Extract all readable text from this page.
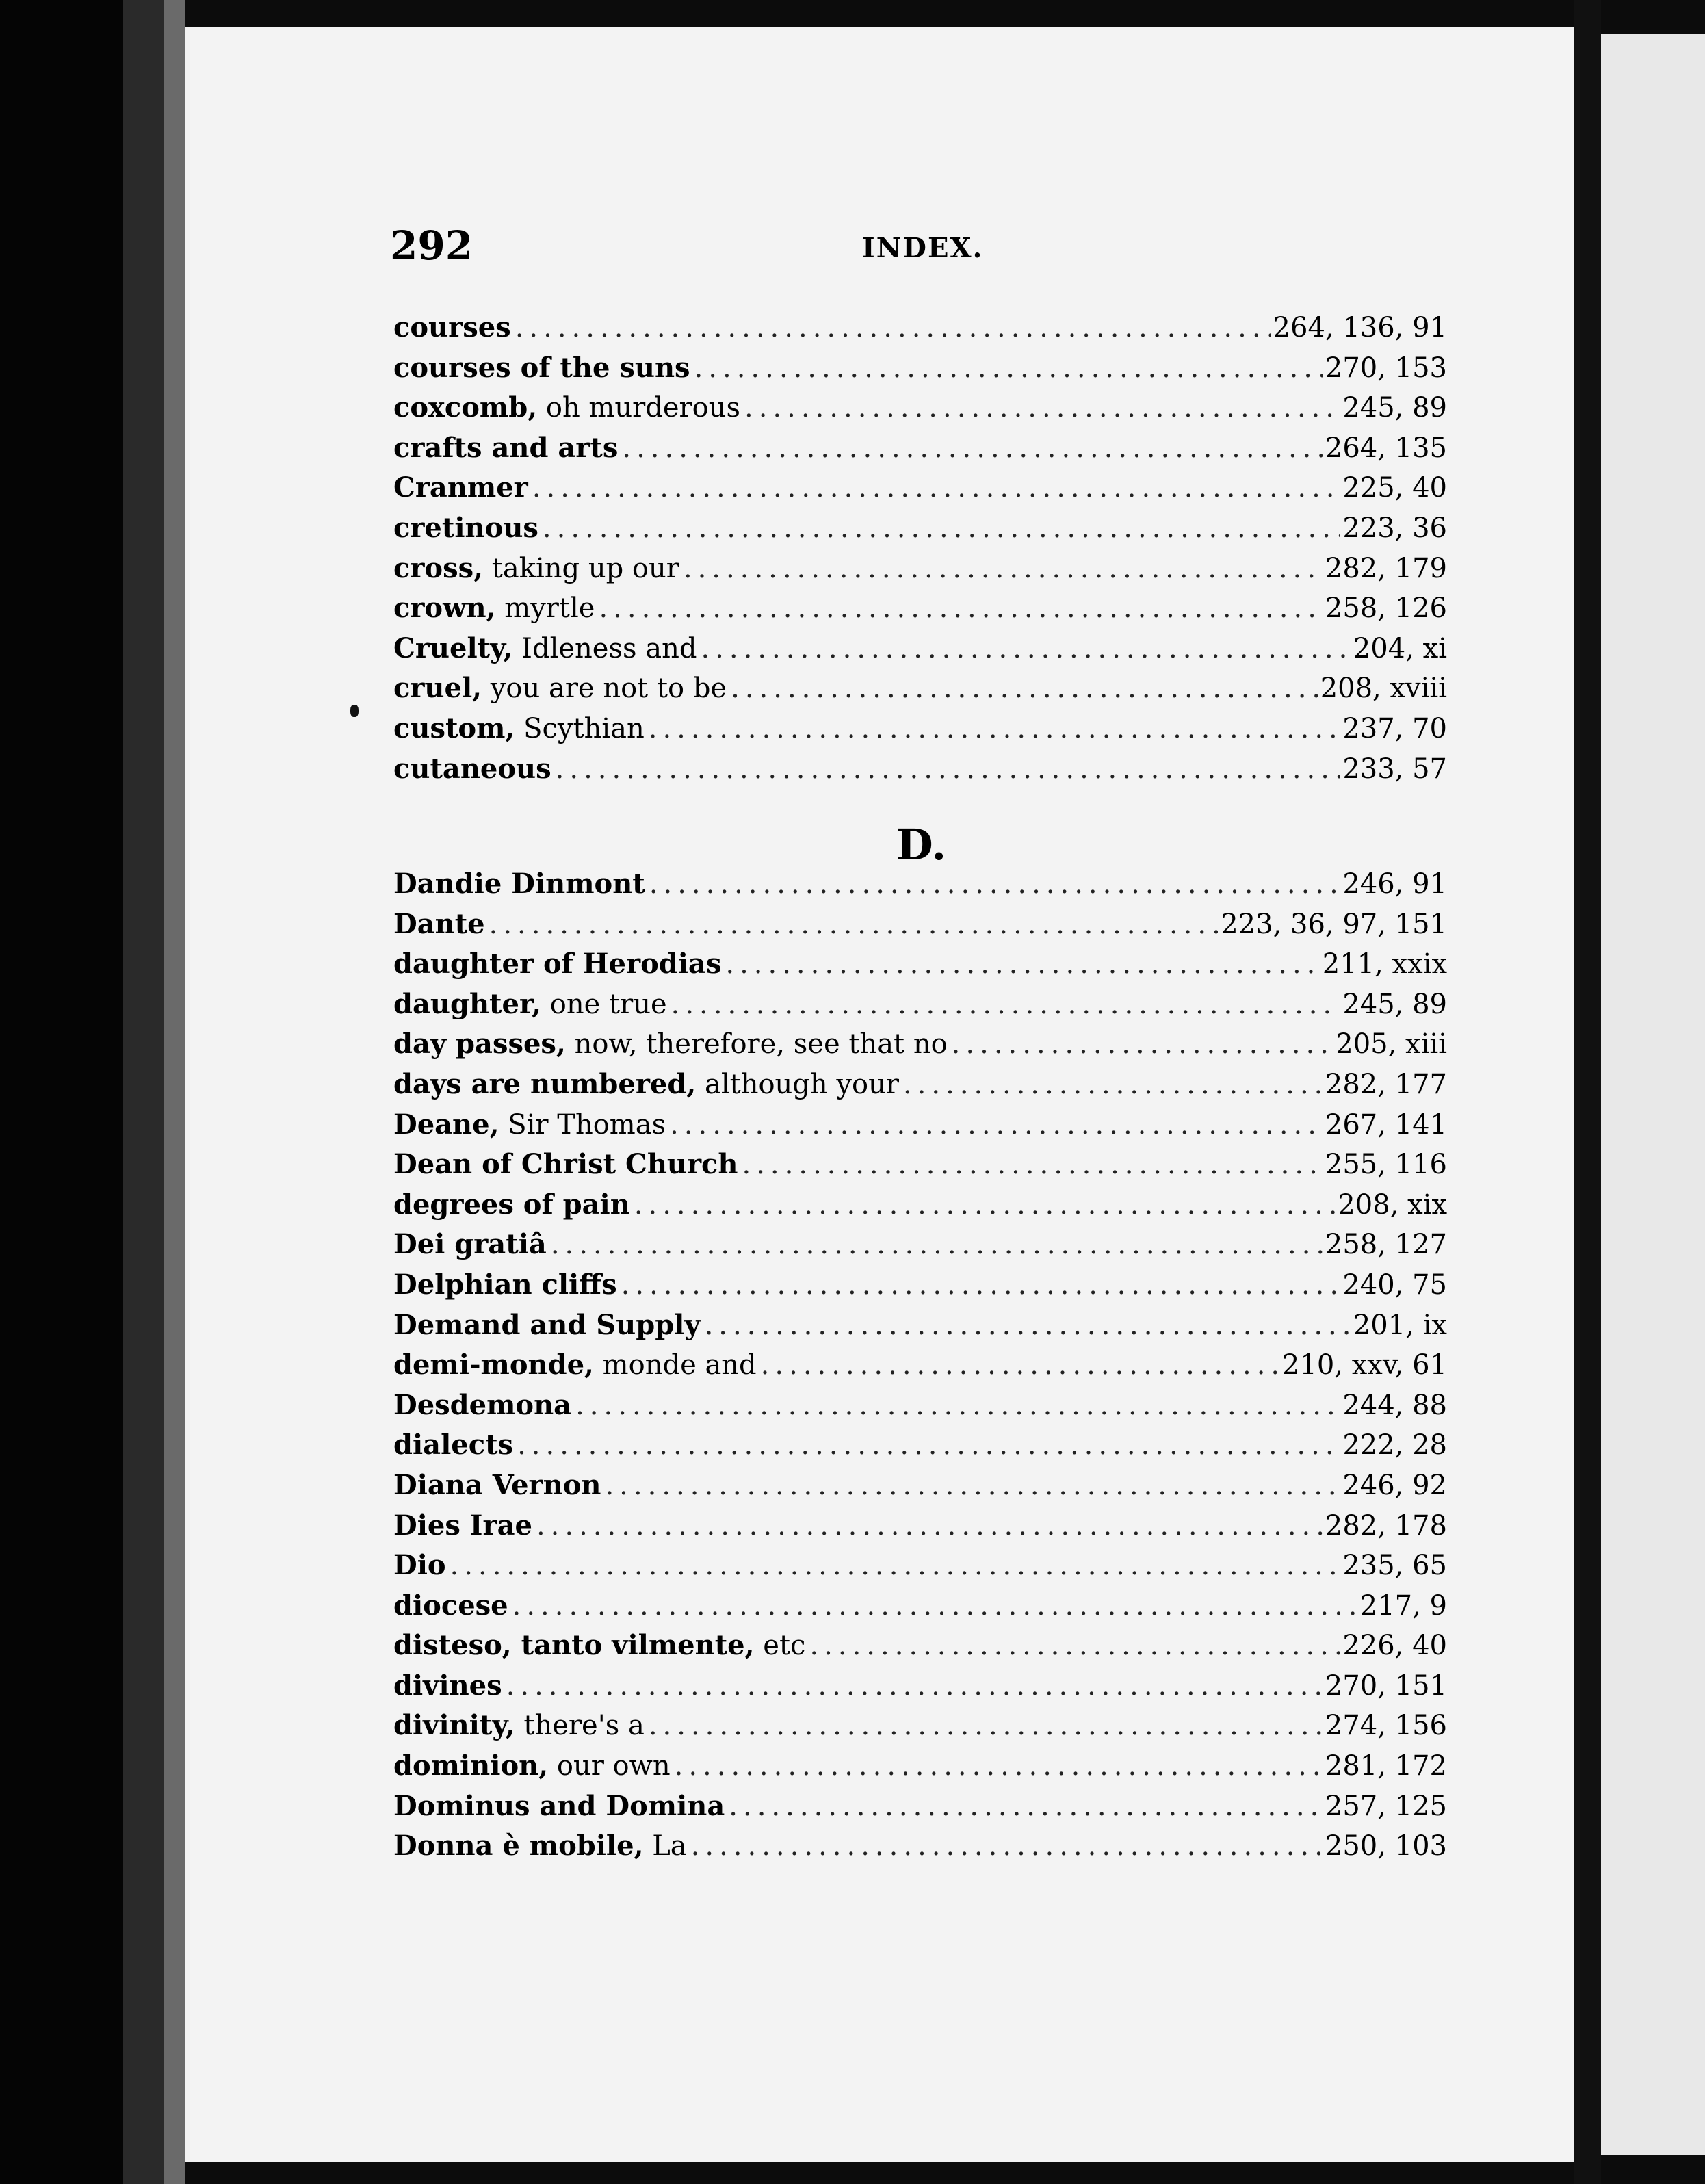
292	INDEX.
courses .....	264, 136, 91
courses of the suns .....	270, 153
coxcomb, oh murderous .....	245, 89
crafts and arts .....	264, 135
Cranmer .....	225, 40
cretinous .....	223, 36
cross, taking up our .....	282, 179
crown, myrtle .....	258, 126
Cruelty, Idleness and .....	204, xi
cruel, you are not to be .....	208, xviii
custom, Scythian .....	237, 70
cutaneous .....	233, 57
D.
Dandie Dinmont .....	246, 91
Dante .....	223, 36, 97, 151
daughter of Herodias .....	211, xxix
daughter, one true .....	245, 89
day passes, now, therefore, see that no .....	205, xiii
days are numbered, although your .....	282, 177
Deane, Sir Thomas .....	267, 141
Dean of Christ Church .....	255, 116
degrees of pain .....	208, xix
Dei gratiâ .....	258, 127
Delphian cliffs .....	240, 75
Demand and Supply .....	201, ix
demi-monde, monde and .....	210, xxv, 61
Desdemona .....	244, 88
dialects .....	222, 28
Diana Vernon .....	246, 92
Dies Irae .....	282, 178
Dio .....	235, 65
diocese .....	217, 9
disteso, tanto vilmente, etc .....	226, 40
divines .....	270, 151
divinity, there's a .....	274, 156
dominion, our own .....	281, 172
Dominus and Domina .....	257, 125
Donna è mobile, La .....	250, 103
